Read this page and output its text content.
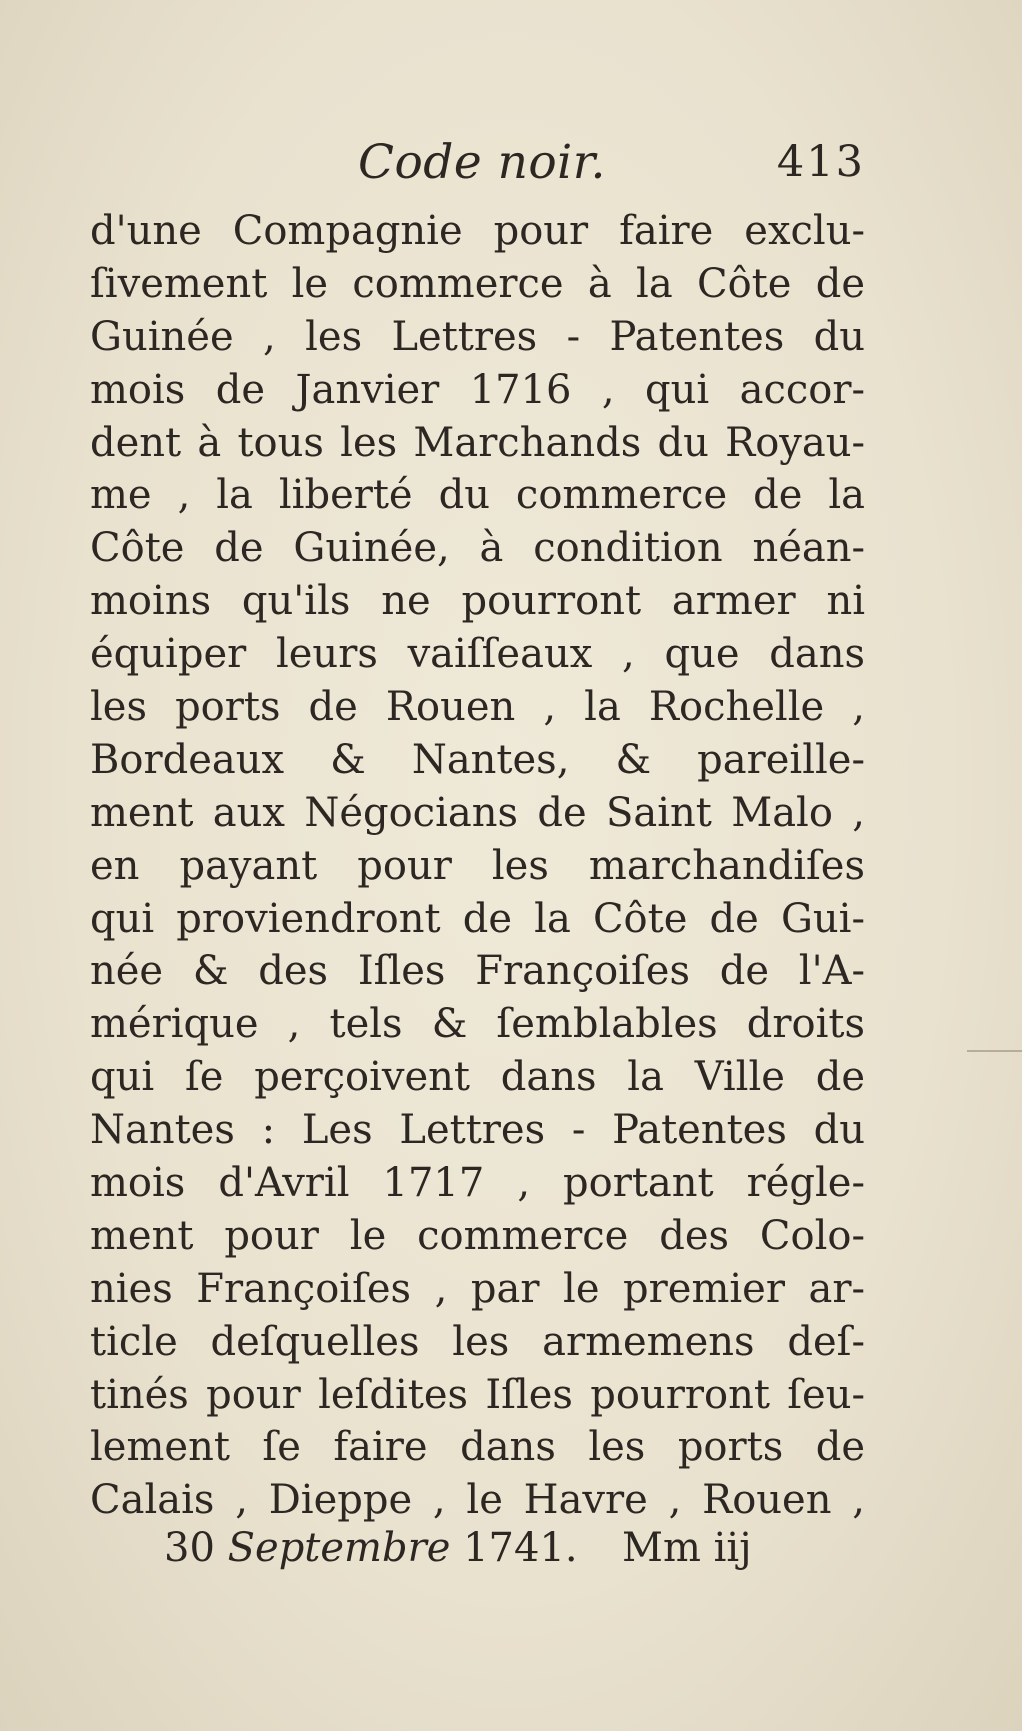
Code noir.	413
d'une Compagnie pour faire exclu-
ſivement le commerce à la Côte de
Guinée , les Lettres - Patentes du
mois de Janvier 1716 , qui accor-
dent à tous les Marchands du Royau-
me , la liberté du commerce de la
Côte de Guinée, à condition néan-
moins qu'ils ne pourront armer ni
équiper leurs vaiſſeaux , que dans
les ports de Rouen , la Rochelle ,
Bordeaux & Nantes, & pareille-
ment aux Négocians de Saint Malo ,
en payant pour les marchandiſes
qui proviendront de la Côte de Gui-
née & des Iſles Françoiſes de l'A-
mérique , tels & ſemblables droits
qui ſe perçoivent dans la Ville de
Nantes : Les Lettres - Patentes du
mois d'Avril 1717 , portant régle-
ment pour le commerce des Colo-
nies Françoiſes , par le premier ar-
ticle deſquelles les armemens deſ-
tinés pour leſdites Iſles pourront ſeu-
lement ſe faire dans les ports de
Calais , Dieppe , le Havre , Rouen ,
30 Septembre 1741. Mm iij
